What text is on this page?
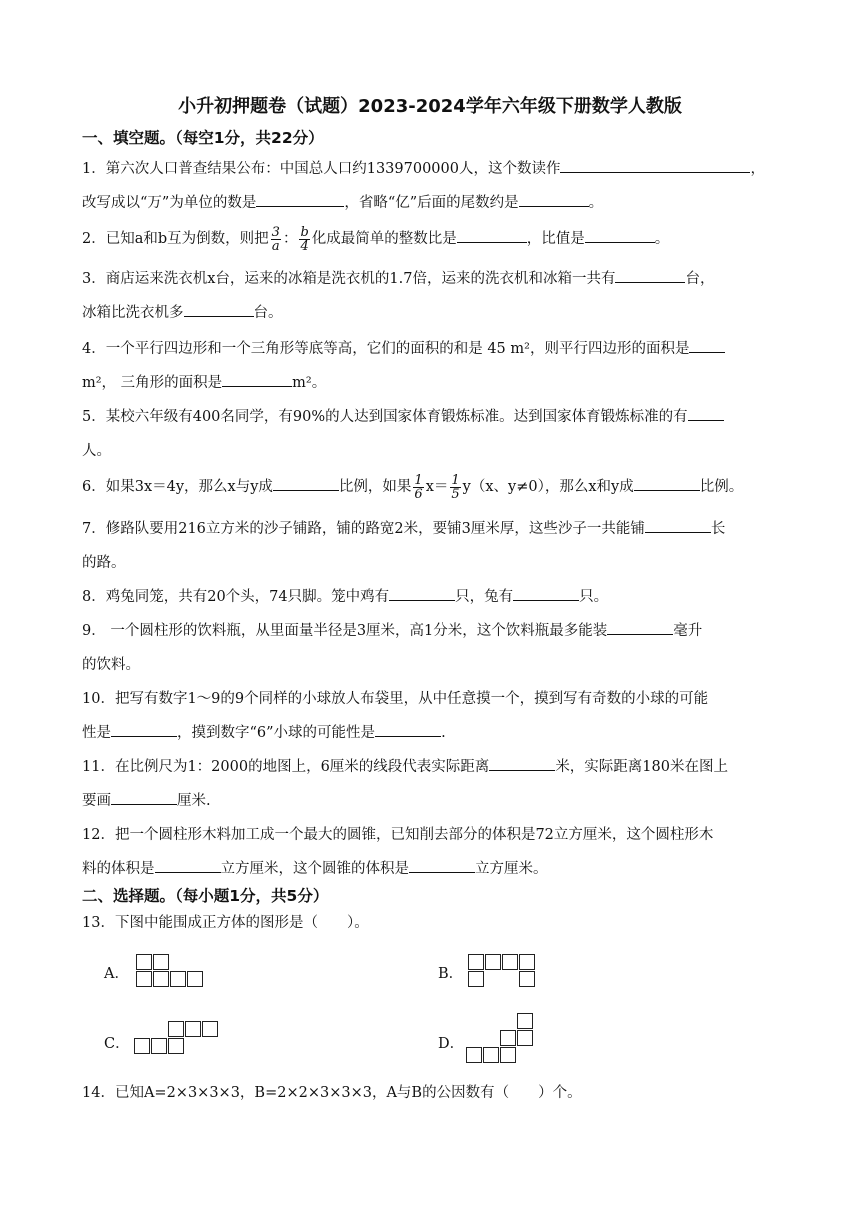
小升初押题卷（试题）2023-2024学年六年级下册数学人教版
一、填空题。（每空1分，共22分）
1．第六次人口普查结果公布：中国总人口约1339700000人，这个数读作	，
改写成以“万”为单位的数是	，省略“亿”后面的尾数约是	。
2．已知a和b互为倒数，则把 $\frac{3}{a}$ ： $\frac{b}{4}$ 化成最简单的整数比是	，比值是	。
3．商店运来洗衣机x台，运来的冰箱是洗衣机的1.7倍，运来的洗衣机和冰箱一共有	台，
冰箱比洗衣机多	台。
4．一个平行四边形和一个三角形等底等高，它们的面积的和是 45 m²，则平行四边形的面积是
m²， 三角形的面积是	m²。
5．某校六年级有400名同学，有90%的人达到国家体育锻炼标准。达到国家体育锻炼标准的有
人。
6．如果3x＝4y，那么x与y成	比例，如果 $\frac{1}{6} x= \frac{1}{5} y(x$、y≠0），那么x和y成	比例。
7．修路队要用216立方米的沙子铺路，铺的路宽2米，要铺3厘米厚，这些沙子一共能铺	长
的路。
8．鸡兔同笼，共有20个头，74只脚。笼中鸡有	只，兔有	只。
9． 一个圆柱形的饮料瓶，从里面量半径是3厘米，高1分米，这个饮料瓶最多能装	毫升
的饮料。
10．把写有数字1～9的9个同样的小球放人布袋里，从中任意摸一个，摸到写有奇数的小球的可能
性是	，摸到数字“6”小球的可能性是	.
11．在比例尺为1：2000的地图上，6厘米的线段代表实际距离	米，实际距离180米在图上
要画	厘米.
12．把一个圆柱形木料加工成一个最大的圆锥，已知削去部分的体积是72立方厘米，这个圆柱形木
料的体积是	立方厘米，这个圆锥的体积是	立方厘米。
二、选择题。（每小题1分，共5分）
13．下图中能围成正方体的图形是（　　）。
A．	B．
C．	D．
14．已知A=2×3×3×3，B=2×2×3×3×3，A与B的公因数有（　　）个。
